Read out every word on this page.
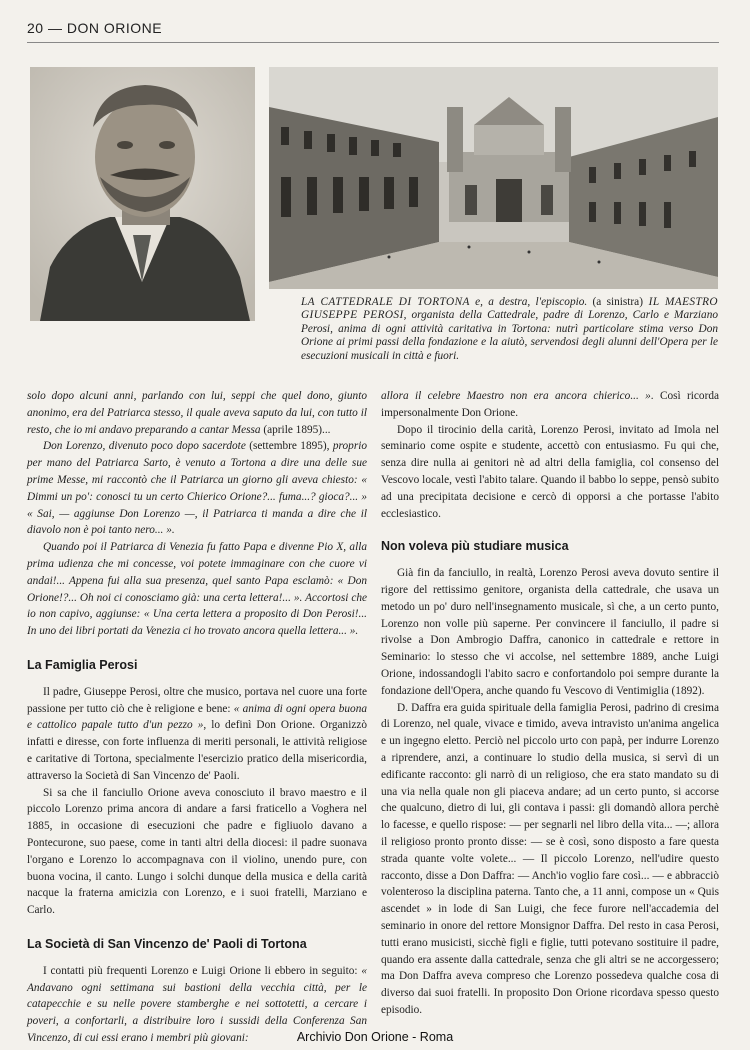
20 — DON ORIONE
LA CATTEDRALE DI TORTONA e, a destra, l'episcopio. (a sinistra) IL MAESTRO GIUSEPPE PEROSI, organista della Cattedrale, padre di Lorenzo, Carlo e Marziano Perosi, anima di ogni attività caritativa in Tortona: nutrì particolare stima verso Don Orione ai primi passi della fondazione e la aiutò, servendosi degli alunni dell'Opera per le esecuzioni musicali in città e fuori.

solo dopo alcuni anni, parlando con lui, seppi che quel dono, giunto anonimo, era del Patriarca stesso, il quale aveva saputo da lui, con tutto il resto, che io mi andavo preparando a cantar Messa (aprile 1895)...

Don Lorenzo, divenuto poco dopo sacerdote (settembre 1895), proprio per mano del Patriarca Sarto, è venuto a Tortona a dire una delle sue prime Messe, mi raccontò che il Patriarca un giorno gli aveva chiesto: « Dimmi un po': conosci tu un certo Chierico Orione?... fuma...? gioca?... » « Sai, — aggiunse Don Lorenzo —, il Patriarca ti manda a dire che il diavolo non è poi tanto nero... ».

Quando poi il Patriarca di Venezia fu fatto Papa e divenne Pio X, alla prima udienza che mi concesse, voi potete immaginare con che cuore vi andai!... Appena fui alla sua presenza, quel santo Papa esclamò: « Don Orione!?... Oh noi ci conosciamo già: una certa lettera!... ». Accortosi che io non capivo, aggiunse: « Una certa lettera a proposito di Don Perosi!... In uno dei libri portati da Venezia ci ho trovato ancora quella lettera... ».

La Famiglia Perosi

Il padre, Giuseppe Perosi, oltre che musico, portava nel cuore una forte passione per tutto ciò che è religione e bene: « anima di ogni opera buona e cattolico papale tutto d'un pezzo », lo definì Don Orione. Organizzò infatti e diresse, con forte influenza di meriti personali, le attività religiose e caritative di Tortona, specialmente l'esercizio pratico della misericordia, attraverso la Società di San Vincenzo de' Paoli.

Si sa che il fanciullo Orione aveva conosciuto il bravo maestro e il piccolo Lorenzo prima ancora di andare a farsi fraticello a Voghera nel 1885, in occasione di esecuzioni che padre e figliuolo davano a Pontecurone, suo paese, come in tanti altri della diocesi: il padre suonava l'organo e Lorenzo lo accompagnava con il violino, unendo pure, con buona vocina, il canto. Lungo i solchi dunque della musica e della carità nacque la fraterna amicizia con Lorenzo, e i suoi fratelli, Marziano e Carlo.

La Società di San Vincenzo de' Paoli di Tortona

I contatti più frequenti Lorenzo e Luigi Orione li ebbero in seguito: « Andavano ogni settimana sui bastioni della vecchia città, per le catapecchie e su nelle povere stamberghe e nei sottotetti, a cercare i poveri, a confortarli, a distribuire loro i sussidi della Conferenza San Vincenzo, di cui essi erano i membri più giovani:

allora il celebre Maestro non era ancora chierico... ». Così ricorda impersonalmente Don Orione.

Dopo il tirocinio della carità, Lorenzo Perosi, invitato ad Imola nel seminario come ospite e studente, accettò con entusiasmo. Fu qui che, senza dire nulla ai genitori nè ad altri della famiglia, col consenso del Vescovo locale, vestì l'abito talare. Quando il babbo lo seppe, pensò subito ad una precipitata decisione e cercò di opporsi a che portasse l'abito ecclesiastico.

Non voleva più studiare musica

Già fin da fanciullo, in realtà, Lorenzo Perosi aveva dovuto sentire il rigore del rettissimo genitore, organista della cattedrale, che usava un metodo un po' duro nell'insegnamento musicale, sì che, a un certo punto, Lorenzo non volle più saperne. Per convincere il fanciullo, il padre si rivolse a Don Ambrogio Daffra, canonico in cattedrale e rettore in Seminario: lo stesso che vi accolse, nel settembre 1889, anche Luigi Orione, indossandogli l'abito sacro e confortandolo poi sempre durante la fondazione dell'Opera, anche quando fu Vescovo di Ventimiglia (1892).

D. Daffra era guida spirituale della famiglia Perosi, padrino di cresima di Lorenzo, nel quale, vivace e timido, aveva intravisto un'anima angelica e un ingegno eletto. Perciò nel piccolo urto con papà, per indurre Lorenzo a riprendere, anzi, a continuare lo studio della musica, si servì di un edificante racconto: gli narrò di un religioso, che era stato mandato su di una via nella quale non gli piaceva andare; ad un certo punto, si accorse che qualcuno, dietro di lui, gli contava i passi: gli domandò allora perchè lo facesse, e quello rispose: — per segnarli nel libro della vita... —; allora il religioso pronto pronto disse: — se è così, sono disposto a fare questa strada quante volte volete... — Il piccolo Lorenzo, nell'udire questo racconto, disse a Don Daffra: — Anch'io voglio fare così... — e abbracciò volenteroso la disciplina paterna. Tanto che, a 11 anni, compose un « Quis ascendet » in lode di San Luigi, che fece furore nell'accademia del seminario in onore del rettore Monsignor Daffra. Del resto in casa Perosi, tutti erano musicisti, sicchè figli e figlie, tutti potevano sostituire il padre, quando era assente dalla cattedrale, senza che gli altri se ne accorgessero; ma Don Daffra aveva compreso che Lorenzo possedeva qualche cosa di diverso dai suoi fratelli. In proposito Don Orione ricordava spesso questo episodio.

Archivio Don Orione - Roma
